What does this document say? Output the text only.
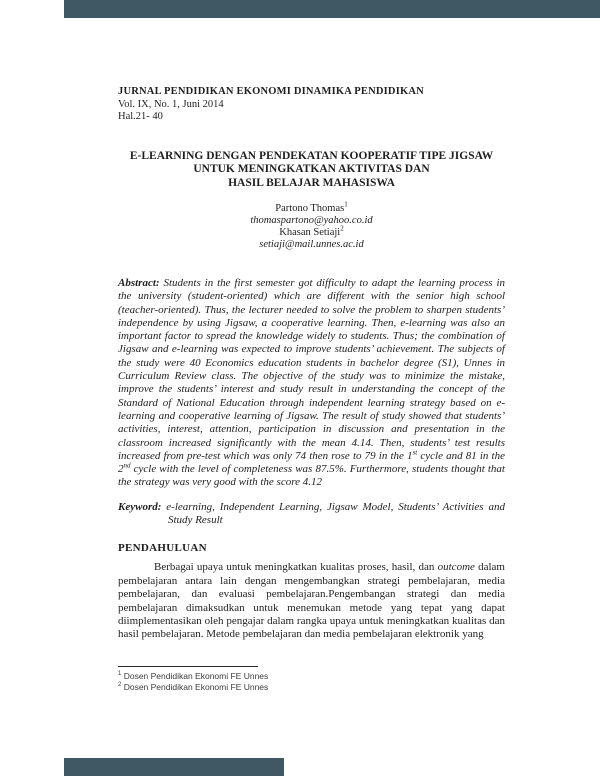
JURNAL PENDIDIKAN EKONOMI DINAMIKA PENDIDIKAN
Vol. IX, No. 1, Juni 2014
Hal.21- 40
E-LEARNING DENGAN PENDEKATAN KOOPERATIF TIPE JIGSAW
UNTUK MENINGKATKAN AKTIVITAS DAN
HASIL BELAJAR MAHASISWA
Partono Thomas$^1$
thomaspartono@yahoo.co.id
Khasan Setiaji$^2$
setiaji@mail.unnes.ac.id

Abstract: Students in the first semester got difficulty to adapt the learning process in the university (student-oriented) which are different with the senior high school (teacher-oriented). Thus, the lecturer needed to solve the problem to sharpen students’ independence by using Jigsaw, a cooperative learning. Then, e-learning was also an important factor to spread the knowledge widely to students. Thus; the combination of Jigsaw and e-learning was expected to improve students’ achievement. The subjects of the study were 40 Economics education students in bachelor degree (S1), Unnes in Curriculum Review class. The objective of the study was to minimize the mistake, improve the students’ interest and study result in understanding the concept of the Standard of National Education through independent learning strategy based on e-learning and cooperative learning of Jigsaw. The result of study showed that students’ activities, interest, attention, participation in discussion and presentation in the classroom increased significantly with the mean 4.14. Then, students’ test results increased from pre-test which was only 74 then rose to 79 in the 1st cycle and 81 in the 2nd cycle with the level of completeness was 87.5%. Furthermore, students thought that the strategy was very good with the score 4.12

Keyword: e-learning, Independent Learning, Jigsaw Model, Students’ Activities and Study Result

PENDAHULUAN

Berbagai upaya untuk meningkatkan kualitas proses, hasil, dan outcome dalam pembelajaran antara lain dengan mengembangkan strategi pembelajaran, media pembelajaran, dan evaluasi pembelajaran.Pengembangan strategi dan media pembelajaran dimaksudkan untuk menemukan metode yang tepat yang dapat diimplementasikan oleh pengajar dalam rangka upaya untuk meningkatkan kualitas dan hasil pembelajaran. Metode pembelajaran dan media pembelajaran elektronik yang

$^1$ Dosen Pendidikan Ekonomi FE Unnes
$^2$ Dosen Pendidikan Ekonomi FE Unnes
